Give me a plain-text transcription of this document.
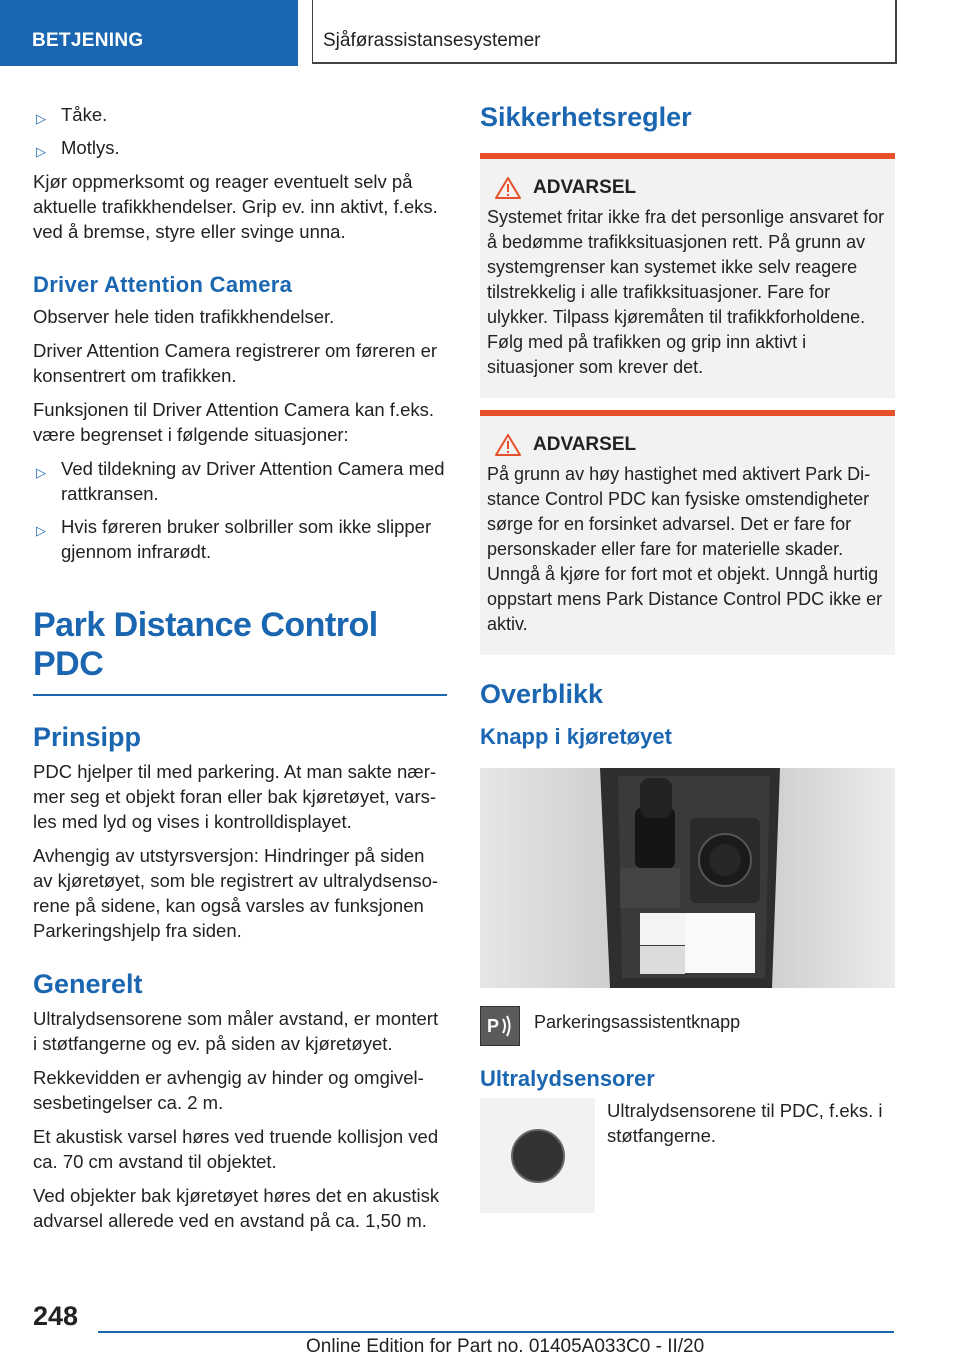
BETJENING	Sjåførassistansesystemer
▷ Tåke.
▷ Motlys.

Kjør oppmerksomt og reager eventuelt selv på aktuelle trafikkhendelser. Grip ev. inn aktivt, f.eks. ved å bremse, styre eller svinge unna.

Driver Attention Camera

Observer hele tiden trafikkhendelser.

Driver Attention Camera registrerer om føreren er konsentrert om trafikken.

Funksjonen til Driver Attention Camera kan f.eks. være begrenset i følgende situasjoner:

▷ Ved tildekning av Driver Attention Camera med rattkransen.
▷ Hvis føreren bruker solbriller som ikke slipper gjennom infrarødt.
Park Distance Control PDC
Prinsipp

PDC hjelper til med parkering. At man sakte nærmer seg et objekt foran eller bak kjøretøyet, varsles med lyd og vises i kontrolldisplayet.

Avhengig av utstyrsversjon: Hindringer på siden av kjøretøyet, som ble registrert av ultralydsensorene på sidene, kan også varsles av funksjonen Parkeringshjelp fra siden.

Generelt

Ultralydsensorene som måler avstand, er montert i støtfangerne og ev. på siden av kjøretøyet.

Rekkevidden er avhengig av hinder og omgivelsesbetingelser ca. 2 m.

Et akustisk varsel høres ved truende kollisjon ved ca. 70 cm avstand til objektet.

Ved objekter bak kjøretøyet høres det en akustisk advarsel allerede ved en avstand på ca. 1,50 m.

Sikkerhetsregler
ADVARSEL

Systemet fritar ikke fra det personlige ansvaret for å bedømme trafikksituasjonen rett. På grunn av systemgrenser kan systemet ikke selv reagere tilstrekkelig i alle trafikksituasjoner. Fare for ulykker. Tilpass kjøremåten til trafikkforholdene. Følg med på trafikken og grip inn aktivt i situasjoner som krever det.

ADVARSEL

På grunn av høy hastighet med aktivert Park Distance Control PDC kan fysiske omstendigheter sørge for en forsinket advarsel. Det er fare for personskader eller fare for materielle skader. Unngå å kjøre for fort mot et objekt. Unngå hurtig oppstart mens Park Distance Control PDC ikke er aktiv.

Overblikk
Knapp i kjøretøyet
P Parkeringsassistentknapp
Ultralydsensorer

Ultralydsensorene til PDC, f.eks. i støtfangerne.

248
Online Edition for Part no. 01405A033C0 - II/20
